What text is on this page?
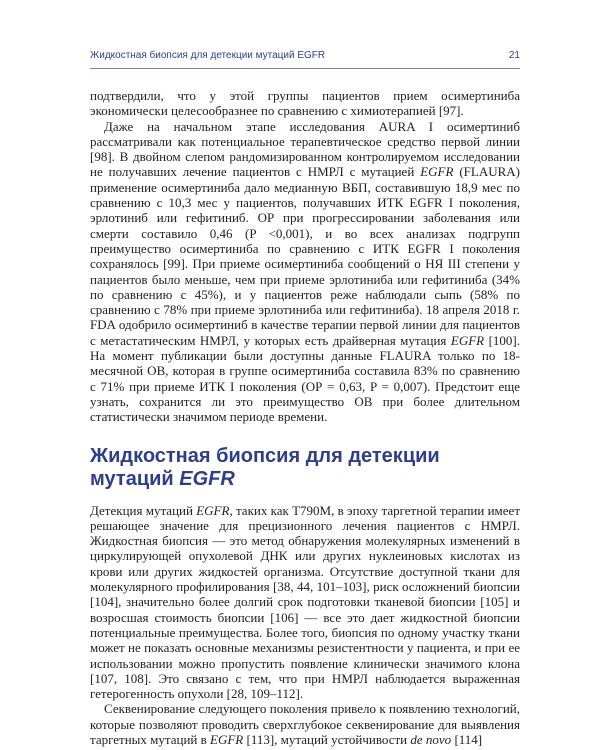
Жидкостная биопсия для детекции мутаций EGFR	21

подтвердили, что у этой группы пациентов прием осимертиниба экономически целесообразнее по сравнению с химиотерапией [97].

Даже на начальном этапе исследования AURA I осимертиниб рассматривали как потенциальное терапевтическое средство первой линии [98]. В двойном слепом рандомизированном контролируемом исследовании не получавших лечение пациентов с НМРЛ с мутацией EGFR (FLAURA) применение осимертиниба дало медианную ВБП, составившую 18,9 мес по сравнению с 10,3 мес у пациентов, получавших ИТК EGFR I поколения, эрлотиниб или гефитиниб. ОР при прогрессировании заболевания или смерти составило 0,46 (P <0,001), и во всех анализах подгрупп преимущество осимертиниба по сравнению с ИТК EGFR I поколения сохранялось [99]. При приеме осимертиниба сообщений о НЯ III степени у пациентов было меньше, чем при приеме эрлотиниба или гефитиниба (34% по сравнению с 45%), и у пациентов реже наблюдали сыпь (58% по сравнению с 78% при приеме эрлотиниба или гефитиниба). 18 апреля 2018 г. FDA одобрило осимертиниб в качестве терапии первой линии для пациентов с метастатическим НМРЛ, у которых есть драйверная мутация EGFR [100]. На момент публикации были доступны данные FLAURA только по 18-месячной ОВ, которая в группе осимертиниба составила 83% по сравнению с 71% при приеме ИТК I поколения (ОР = 0,63, P = 0,007). Предстоит еще узнать, сохранится ли это преимущество ОВ при более длительном статистически значимом периоде времени.

Жидкостная биопсия для детекции
мутаций EGFR

Детекция мутаций EGFR, таких как T790M, в эпоху таргетной терапии имеет решающее значение для прецизионного лечения пациентов с НМРЛ. Жидкостная биопсия — это метод обнаружения молекулярных изменений в циркулирующей опухолевой ДНК или других нуклеиновых кислотах из крови или других жидкостей организма. Отсутствие доступной ткани для молекулярного профилирования [38, 44, 101–103], риск осложнений биопсии [104], значительно более долгий срок подготовки тканевой биопсии [105] и возросшая стоимость биопсии [106] — все это дает жидкостной биопсии потенциальные преимущества. Более того, биопсия по одному участку ткани может не показать основные механизмы резистентности у пациента, и при ее использовании можно пропустить появление клинически значимого клона [107, 108]. Это связано с тем, что при НМРЛ наблюдается выраженная гетерогенность опухоли [28, 109–112].

Секвенирование следующего поколения привело к появлению технологий, которые позволяют проводить сверхглубокое секвенирование для выявления таргетных мутаций в EGFR [113], мутаций устойчивости de novo [114]
